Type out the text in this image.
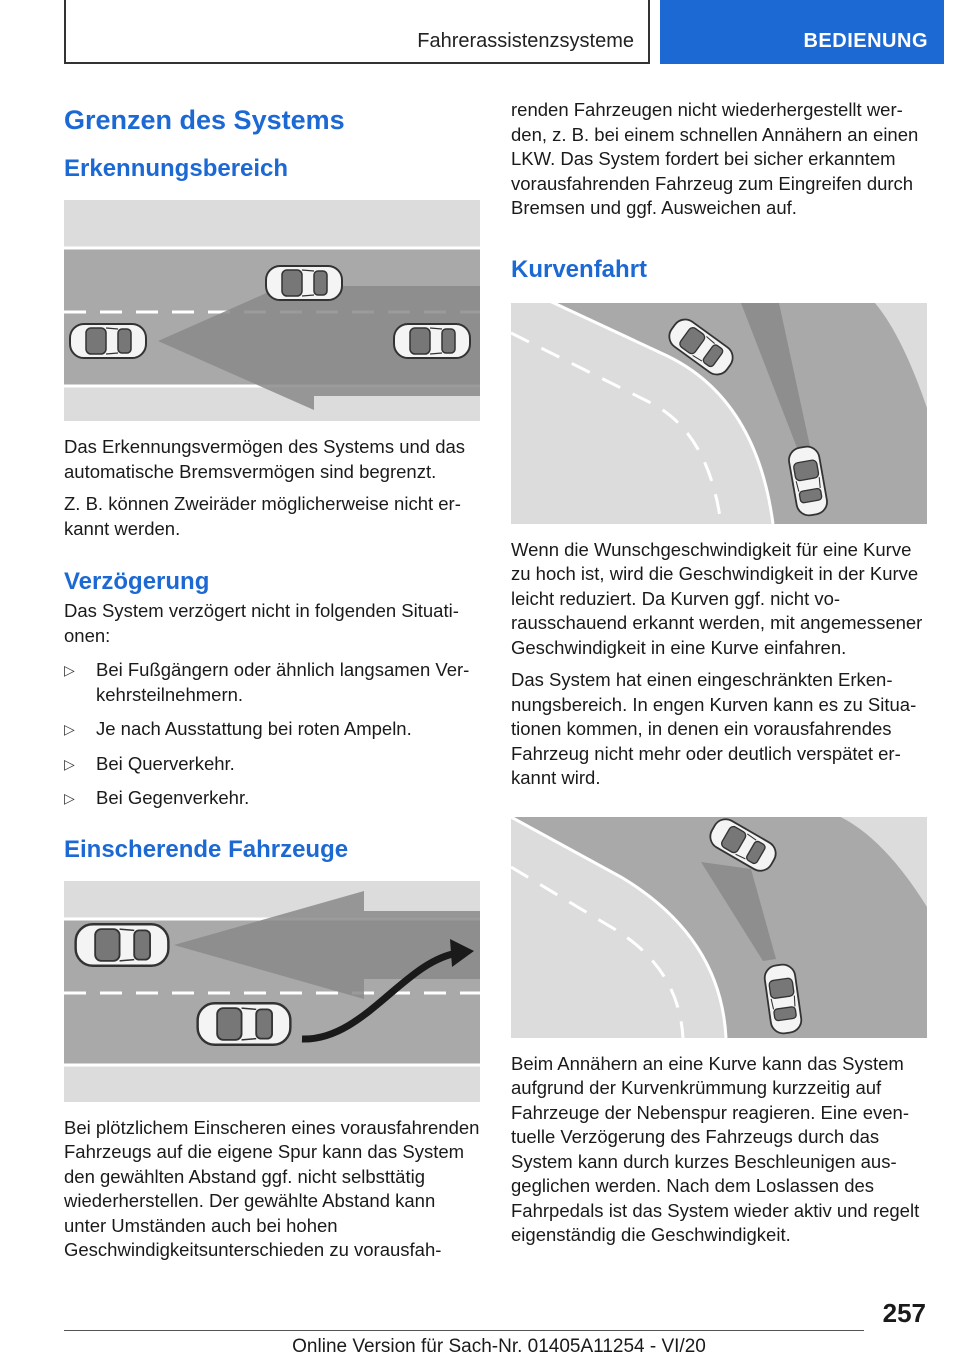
Fahrerassistenzsysteme	BEDIENUNG
Grenzen des Systems
Erkennungsbereich

Das Erkennungsvermögen des Systems und das automatische Bremsvermögen sind begrenzt.

Z. B. können Zweiräder möglicherweise nicht erkannt werden.

Verzögerung

Das System verzögert nicht in folgenden Situationen:

▷ Bei Fußgängern oder ähnlich langsamen Verkehrsteilnehmern.
▷ Je nach Ausstattung bei roten Ampeln.
▷ Bei Querverkehr.
▷ Bei Gegenverkehr.
Einscherende Fahrzeuge

Bei plötzlichem Einscheren eines vorausfahrenden Fahrzeugs auf die eigene Spur kann das System den gewählten Abstand ggf. nicht selbsttätig wiederherstellen. Der gewählte Abstand kann unter Umständen auch bei hohen Geschwindigkeitsunterschieden zu vorausfah-

renden Fahrzeugen nicht wiederhergestellt werden, z. B. bei einem schnellen Annähern an einen LKW. Das System fordert bei sicher erkanntem vorausfahrenden Fahrzeug zum Eingreifen durch Bremsen und ggf. Ausweichen auf.

Kurvenfahrt

Wenn die Wunschgeschwindigkeit für eine Kurve zu hoch ist, wird die Geschwindigkeit in der Kurve leicht reduziert. Da Kurven ggf. nicht vorausschauend erkannt werden, mit angemessener Geschwindigkeit in eine Kurve einfahren.

Das System hat einen eingeschränkten Erkennungsbereich. In engen Kurven kann es zu Situationen kommen, in denen ein vorausfahrendes Fahrzeug nicht mehr oder deutlich verspätet erkannt wird.

Beim Annähern an eine Kurve kann das System aufgrund der Kurvenkrümmung kurzzeitig auf Fahrzeuge der Nebenspur reagieren. Eine eventuelle Verzögerung des Fahrzeugs durch das System kann durch kurzes Beschleunigen ausgeglichen werden. Nach dem Loslassen des Fahrpedals ist das System wieder aktiv und regelt eigenständig die Geschwindigkeit.

257
Online Version für Sach-Nr. 01405A11254 - VI/20
